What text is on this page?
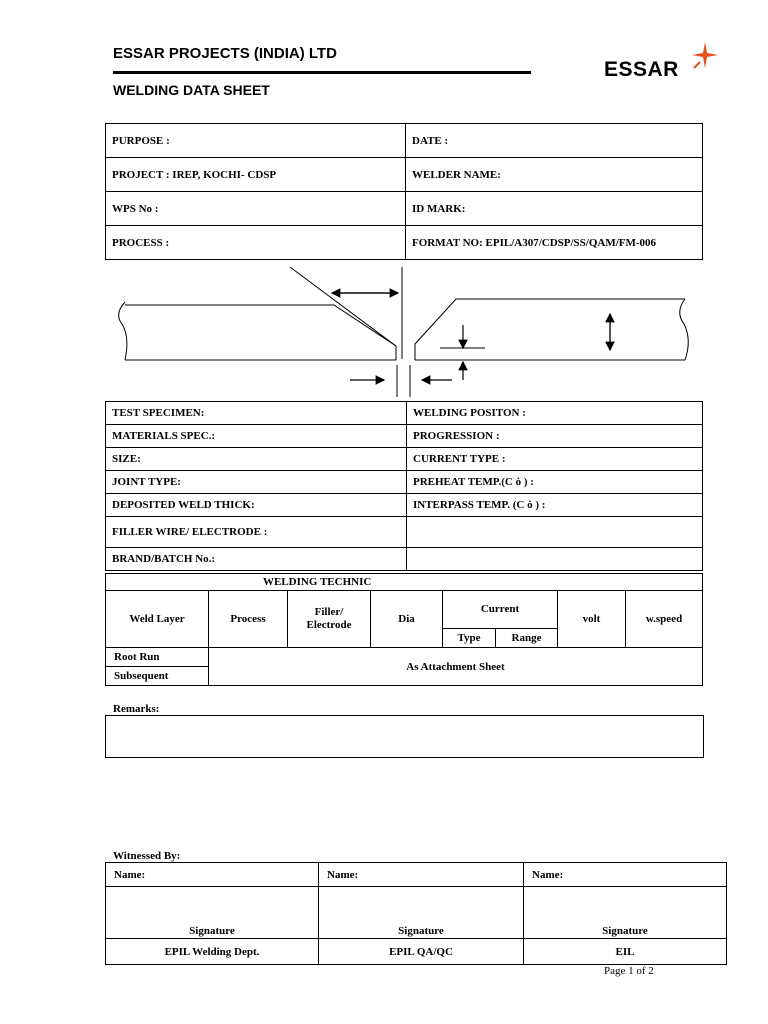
ESSAR PROJECTS (INDIA) LTD
WELDING DATA SHEET
ESSAR
PURPOSE :	DATE :
PROJECT : IREP, KOCHI- CDSP	WELDER NAME:
WPS No :	ID MARK:
PROCESS :	FORMAT NO: EPIL/A307/CDSP/SS/QAM/FM-006
TEST SPECIMEN:	WELDING POSITON :
MATERIALS SPEC.:	PROGRESSION :
SIZE:	CURRENT TYPE :
JOINT TYPE:	PREHEAT TEMP.(C ȯ ) :
DEPOSITED WELD THICK:	INTERPASS TEMP. (C ȯ ) :
FILLER WIRE/ ELECTRODE :	
BRAND/BATCH No.:	
WELDING TECHNIC							
Weld Layer	Process	Filler/ Electrode	Dia	Current		volt	w.speed
				Type	Range		
Root Run	As Attachment Sheet						
Subsequent							
Remarks:
Witnessed By:
Name:	Name:	Name:
Signature	Signature	Signature
EPIL Welding Dept.	EPIL QA/QC	EIL
Page 1 of 2
